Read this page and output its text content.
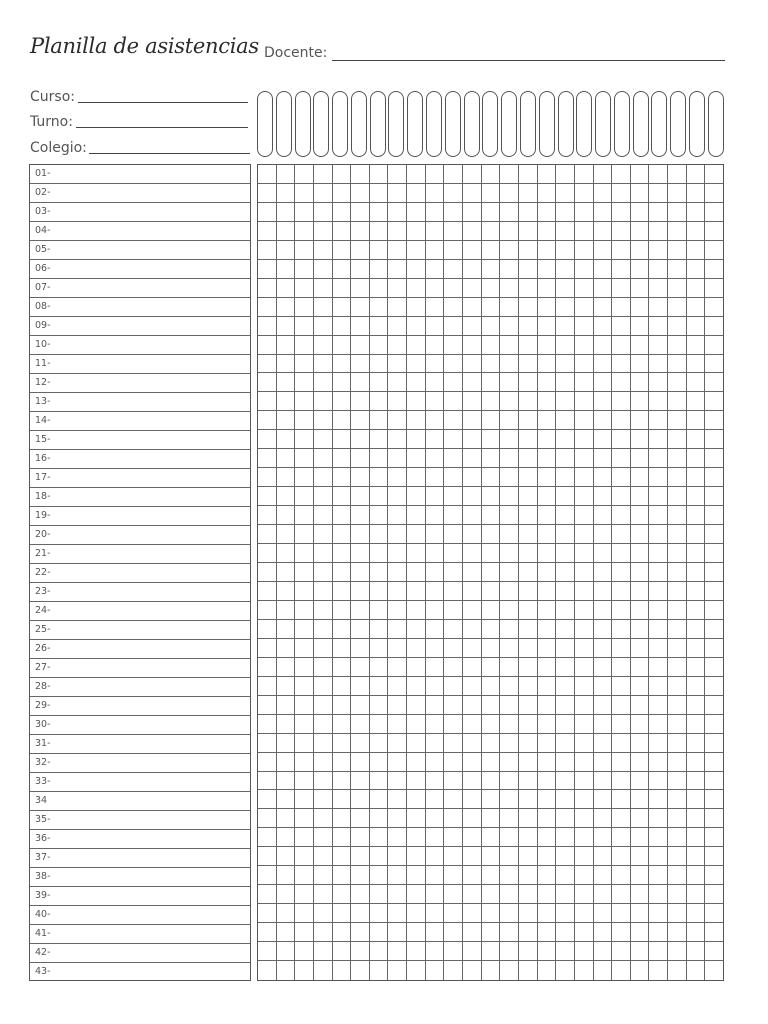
Planilla de asistencias Docente:
Curso:
Turno:
Colegio:
01-
02-
03-
04-
05-
06-
07-
08-
09-
10-
11-
12-
13-
14-
15-
16-
17-
18-
19-
20-
21-
22-
23-
24-
25-
26-
27-
28-
29-
30-
31-
32-
33-
34
35-
36-
37-
38-
39-
40-
41-
42-
43-
